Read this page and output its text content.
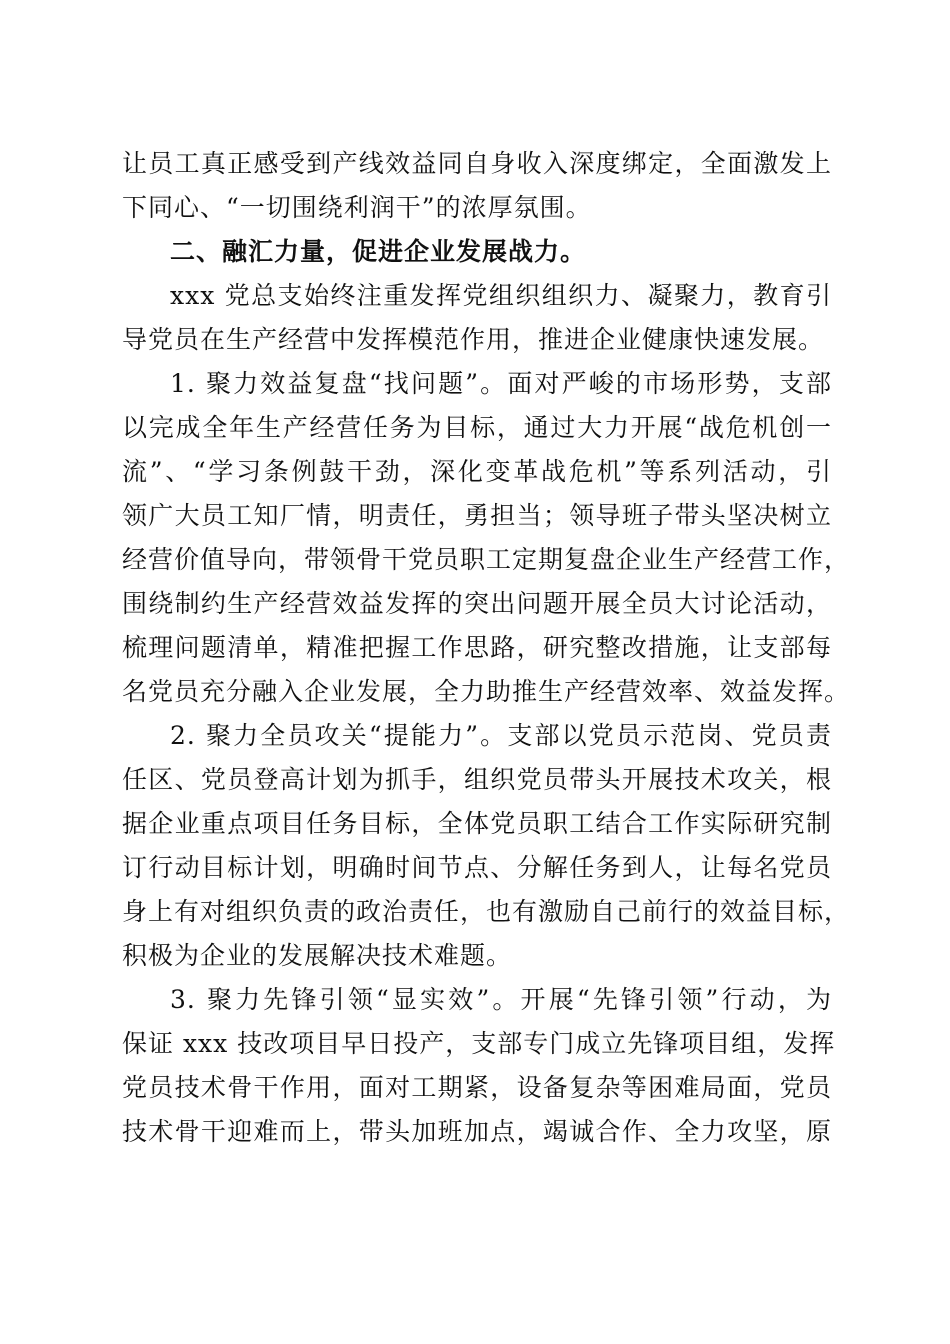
让员工真正感受到产线效益同自身收入深度绑定，全面激发上
下同心、“一切围绕利润干”的浓厚氛围。
二、融汇力量，促进企业发展战力。
xxx 党总支始终注重发挥党组织组织力、凝聚力，教育引
导党员在生产经营中发挥模范作用，推进企业健康快速发展。
1. 聚力效益复盘“找问题”。面对严峻的市场形势，支部
以完成全年生产经营任务为目标，通过大力开展“战危机创一
流”、“学习条例鼓干劲，深化变革战危机”等系列活动，引
领广大员工知厂情，明责任，勇担当；领导班子带头坚决树立
经营价值导向，带领骨干党员职工定期复盘企业生产经营工作，
围绕制约生产经营效益发挥的突出问题开展全员大讨论活动，
梳理问题清单，精准把握工作思路，研究整改措施，让支部每
名党员充分融入企业发展，全力助推生产经营效率、效益发挥。
2. 聚力全员攻关“提能力”。支部以党员示范岗、党员责
任区、党员登高计划为抓手，组织党员带头开展技术攻关，根
据企业重点项目任务目标，全体党员职工结合工作实际研究制
订行动目标计划，明确时间节点、分解任务到人，让每名党员
身上有对组织负责的政治责任，也有激励自己前行的效益目标，
积极为企业的发展解决技术难题。
3. 聚力先锋引领“显实效”。开展“先锋引领”行动，为
保证 xxx 技改项目早日投产，支部专门成立先锋项目组，发挥
党员技术骨干作用，面对工期紧，设备复杂等困难局面，党员
技术骨干迎难而上，带头加班加点，竭诚合作、全力攻坚，原
